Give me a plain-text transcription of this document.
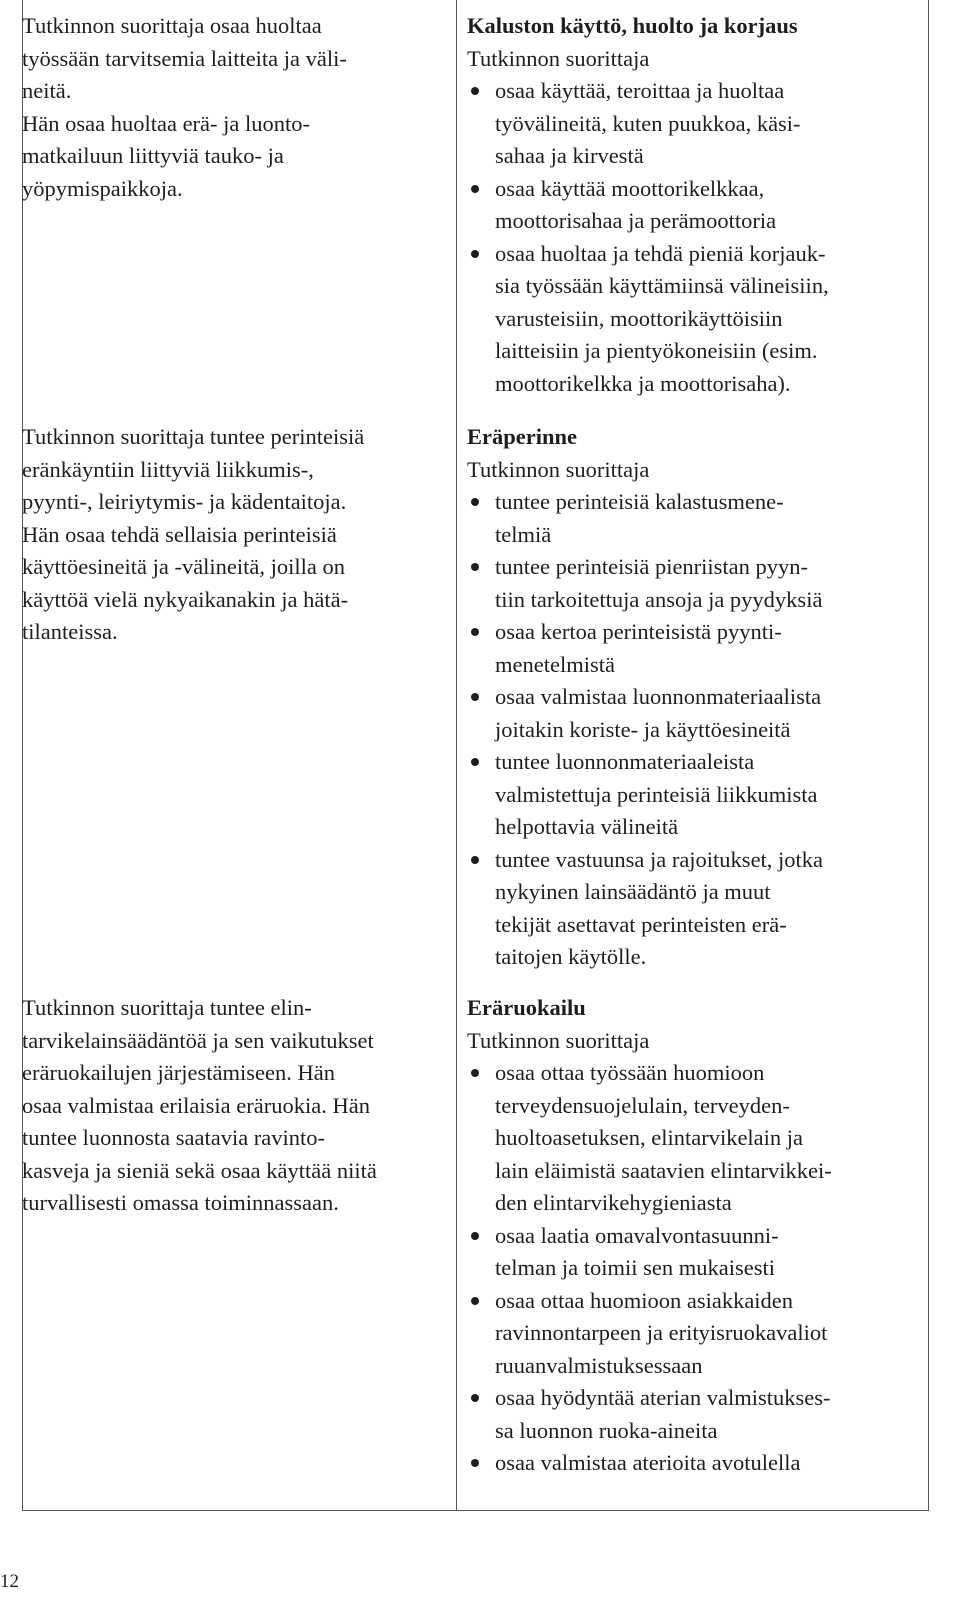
Tutkinnon suorittaja osaa huoltaa
työssään tarvitsemia laitteita ja väli-
neitä.
Hän osaa huoltaa erä- ja luonto-
matkailuun liittyviä tauko- ja
yöpymispaikkoja.

Tutkinnon suorittaja tuntee perinteisiä
eränkäyntiin liittyviä liikkumis-,
pyynti-, leiriytymis- ja kädentaitoja.
Hän osaa tehdä sellaisia perinteisiä
käyttöesineitä ja -välineitä, joilla on
käyttöä vielä nykyaikanakin ja hätä-
tilanteissa.

Tutkinnon suorittaja tuntee elin-
tarvikelainsäädäntöä ja sen vaikutukset
eräruokailujen järjestämiseen. Hän
osaa valmistaa erilaisia eräruokia. Hän
tuntee luonnosta saatavia ravinto-
kasveja ja sieniä sekä osaa käyttää niitä
turvallisesti omassa toiminnassaan.

Kaluston käyttö, huolto ja korjaus
Tutkinnon suorittaja
osaa käyttää, teroittaa ja huoltaa
työvälineitä, kuten puukkoa, käsi-
sahaa ja kirvestä
osaa käyttää moottorikelkkaa,
moottorisahaa ja perämoottoria
osaa huoltaa ja tehdä pieniä korjauk-
sia työssään käyttämiinsä välineisiin,
varusteisiin, moottorikäyttöisiin
laitteisiin ja pientyökoneisiin (esim.
moottorikelkka ja moottorisaha).
Eräperinne
Tutkinnon suorittaja
tuntee perinteisiä kalastusmene-
telmiä
tuntee perinteisiä pienriistan pyyn-
tiin tarkoitettuja ansoja ja pyydyksiä
osaa kertoa perinteisistä pyynti-
menetelmistä
osaa valmistaa luonnonmateriaalista
joitakin koriste- ja käyttöesineitä
tuntee luonnonmateriaaleista
valmistettuja perinteisiä liikkumista
helpottavia välineitä
tuntee vastuunsa ja rajoitukset, jotka
nykyinen lainsäädäntö ja muut
tekijät asettavat perinteisten erä-
taitojen käytölle.
Eräruokailu
Tutkinnon suorittaja
osaa ottaa työssään huomioon
terveydensuojelulain, terveyden-
huoltoasetuksen, elintarvikelain ja
lain eläimistä saatavien elintarvikkei-
den elintarvikehygieniasta
osaa laatia omavalvontasuunni-
telman ja toimii sen mukaisesti
osaa ottaa huomioon asiakkaiden
ravinnontarpeen ja erityisruokavaliot
ruuanvalmistuksessaan
osaa hyödyntää aterian valmistukses-
sa luonnon ruoka-aineita
osaa valmistaa aterioita avotulella
12
